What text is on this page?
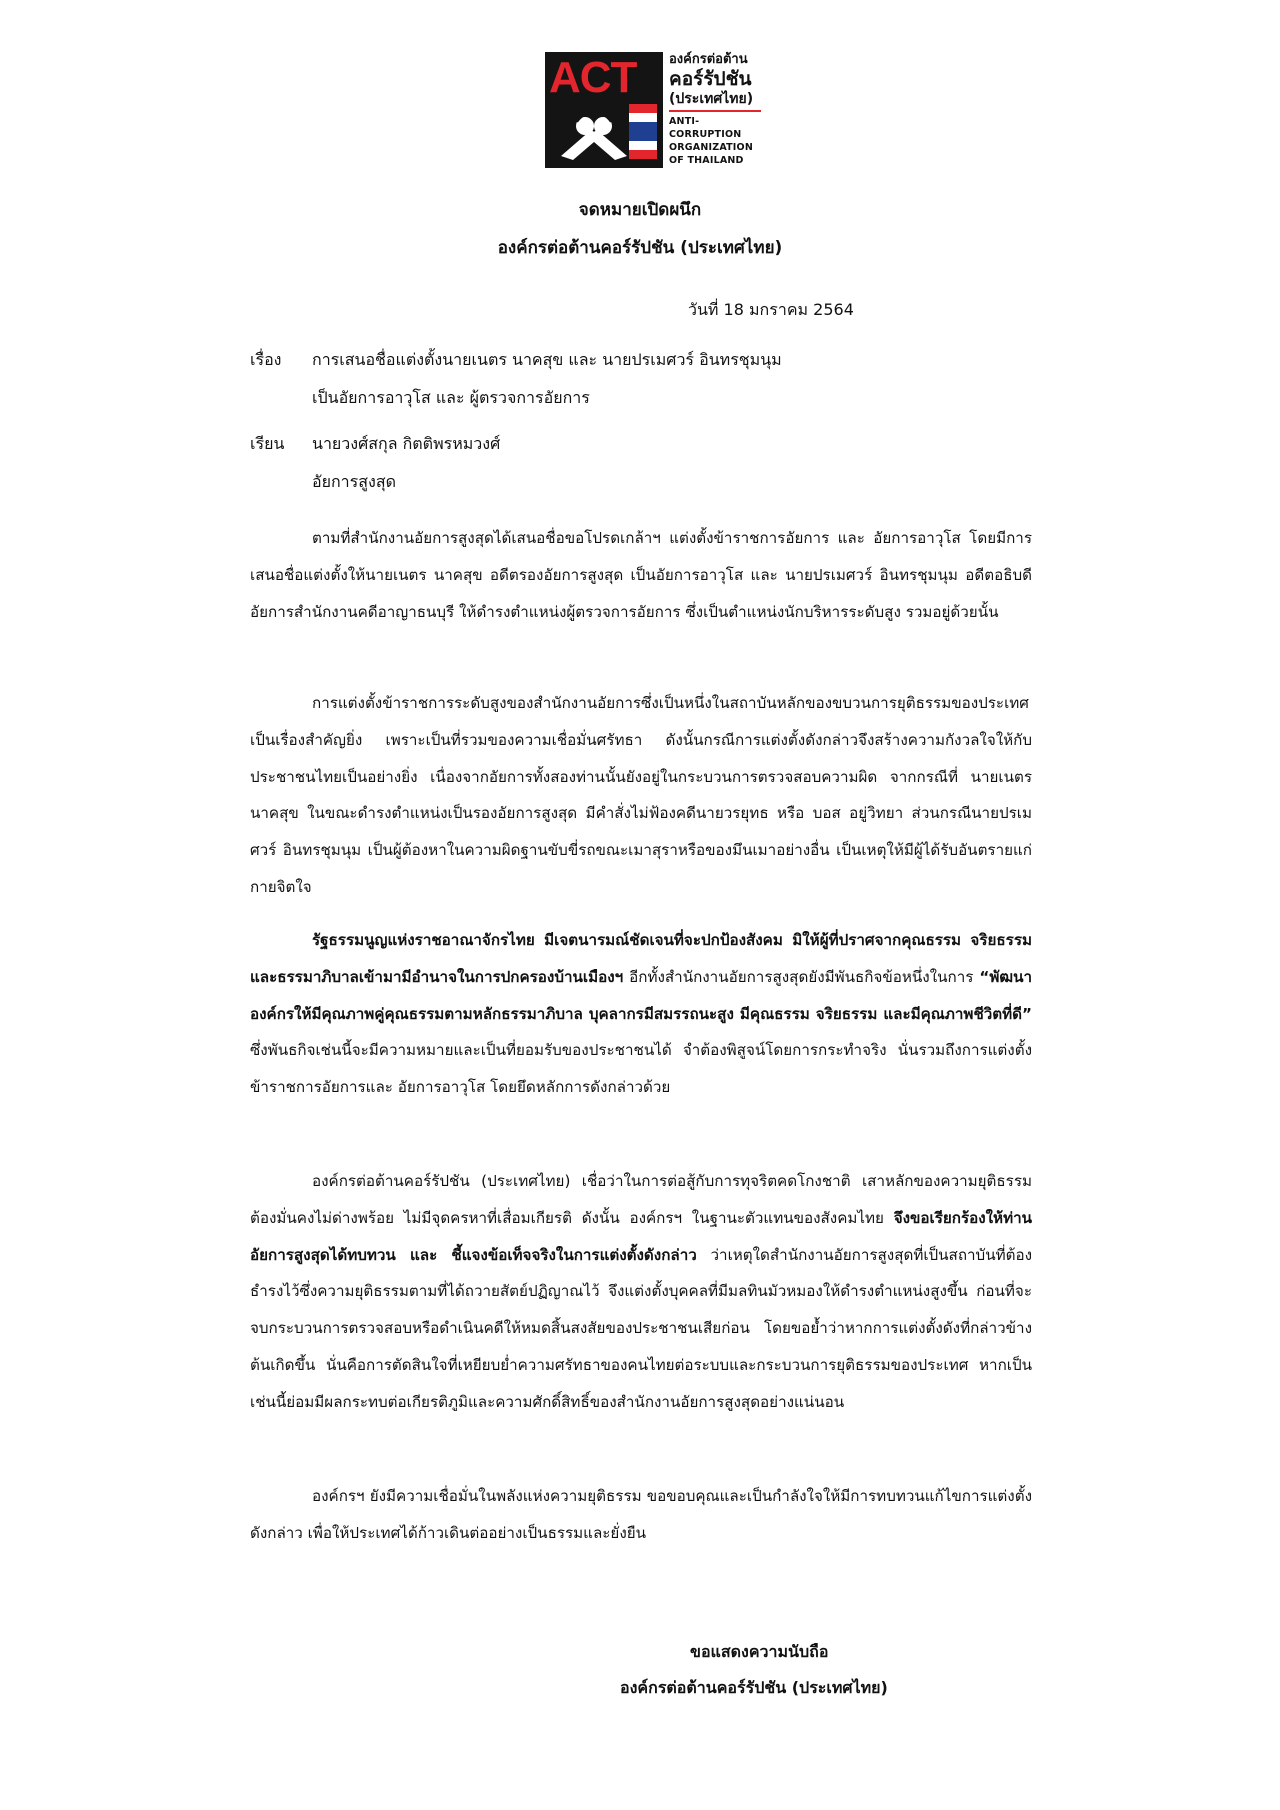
ACT	องค์กรต่อต้าน
คอร์รัปชัน
(ประเทศไทย)
ANTI-CORRUPTION
ORGANIZATION
OF THAILAND
จดหมายเปิดผนึก
องค์กรต่อต้านคอร์รัปชัน (ประเทศไทย)
วันที่ 18 มกราคม 2564
เรื่อง การเสนอชื่อแต่งตั้งนายเนตร นาคสุข และ นายปรเมศวร์ อินทรชุมนุม
เป็นอัยการอาวุโส และ ผู้ตรวจการอัยการ
เรียน นายวงศ์สกุล กิตติพรหมวงศ์
อัยการสูงสุด

ตามที่สำนักงานอัยการสูงสุดได้เสนอชื่อขอโปรดเกล้าฯ แต่งตั้งข้าราชการอัยการ และ อัยการอาวุโส โดยมีการเสนอชื่อแต่งตั้งให้นายเนตร นาคสุข อดีตรองอัยการสูงสุด เป็นอัยการอาวุโส และ นายปรเมศวร์ อินทรชุมนุม อดีตอธิบดีอัยการสำนักงานคดีอาญาธนบุรี ให้ดำรงตำแหน่งผู้ตรวจการอัยการ ซึ่งเป็นตำแหน่งนักบริหารระดับสูง รวมอยู่ด้วยนั้น

การแต่งตั้งข้าราชการระดับสูงของสำนักงานอัยการซึ่งเป็นหนึ่งในสถาบันหลักของขบวนการยุติธรรมของประเทศเป็นเรื่องสำคัญยิ่ง เพราะเป็นที่รวมของความเชื่อมั่นศรัทธา ดังนั้นกรณีการแต่งตั้งดังกล่าวจึงสร้างความกังวลใจให้กับประชาชนไทยเป็นอย่างยิ่ง เนื่องจากอัยการทั้งสองท่านนั้นยังอยู่ในกระบวนการตรวจสอบความผิด จากกรณีที่ นายเนตร นาคสุข ในขณะดำรงตำแหน่งเป็นรองอัยการสูงสุด มีคำสั่งไม่ฟ้องคดีนายวรยุทธ หรือ บอส อยู่วิทยา ส่วนกรณีนายปรเมศวร์ อินทรชุมนุม เป็นผู้ต้องหาในความผิดฐานขับขี่รถขณะเมาสุราหรือของมึนเมาอย่างอื่น เป็นเหตุให้มีผู้ได้รับอันตรายแก่กายจิตใจ

รัฐธรรมนูญแห่งราชอาณาจักรไทย มีเจตนารมณ์ชัดเจนที่จะปกป้องสังคม มิให้ผู้ที่ปราศจากคุณธรรม จริยธรรมและธรรมาภิบาลเข้ามามีอำนาจในการปกครองบ้านเมืองฯ อีกทั้งสำนักงานอัยการสูงสุดยังมีพันธกิจข้อหนึ่งในการ “พัฒนาองค์กรให้มีคุณภาพคู่คุณธรรมตามหลักธรรมาภิบาล บุคลากรมีสมรรถนะสูง มีคุณธรรม จริยธรรม และมีคุณภาพชีวิตที่ดี” ซึ่งพันธกิจเช่นนี้จะมีความหมายและเป็นที่ยอมรับของประชาชนได้ จำต้องพิสูจน์โดยการกระทำจริง นั่นรวมถึงการแต่งตั้งข้าราชการอัยการและ อัยการอาวุโส โดยยึดหลักการดังกล่าวด้วย

องค์กรต่อต้านคอร์รัปชัน (ประเทศไทย) เชื่อว่าในการต่อสู้กับการทุจริตคดโกงชาติ เสาหลักของความยุติธรรมต้องมั่นคงไม่ด่างพร้อย ไม่มีจุดครหาที่เสื่อมเกียรติ ดังนั้น องค์กรฯ ในฐานะตัวแทนของสังคมไทย จึงขอเรียกร้องให้ท่านอัยการสูงสุดได้ทบทวน และ ชี้แจงข้อเท็จจริงในการแต่งตั้งดังกล่าว ว่าเหตุใดสำนักงานอัยการสูงสุดที่เป็นสถาบันที่ต้องธำรงไว้ซึ่งความยุติธรรมตามที่ได้ถวายสัตย์ปฏิญาณไว้ จึงแต่งตั้งบุคคลที่มีมลทินมัวหมองให้ดำรงตำแหน่งสูงขึ้น ก่อนที่จะจบกระบวนการตรวจสอบหรือดำเนินคดีให้หมดสิ้นสงสัยของประชาชนเสียก่อน โดยขอย้ำว่าหากการแต่งตั้งดังที่กล่าวข้างต้นเกิดขึ้น นั่นคือการตัดสินใจที่เหยียบย่ำความศรัทธาของคนไทยต่อระบบและกระบวนการยุติธรรมของประเทศ หากเป็นเช่นนี้ย่อมมีผลกระทบต่อเกียรติภูมิและความศักดิ์สิทธิ์ของสำนักงานอัยการสูงสุดอย่างแน่นอน

องค์กรฯ ยังมีความเชื่อมั่นในพลังแห่งความยุติธรรม ขอขอบคุณและเป็นกำลังใจให้มีการทบทวนแก้ไขการแต่งตั้งดังกล่าว เพื่อให้ประเทศได้ก้าวเดินต่ออย่างเป็นธรรมและยั่งยืน

ขอแสดงความนับถือ
องค์กรต่อต้านคอร์รัปชัน (ประเทศไทย)
